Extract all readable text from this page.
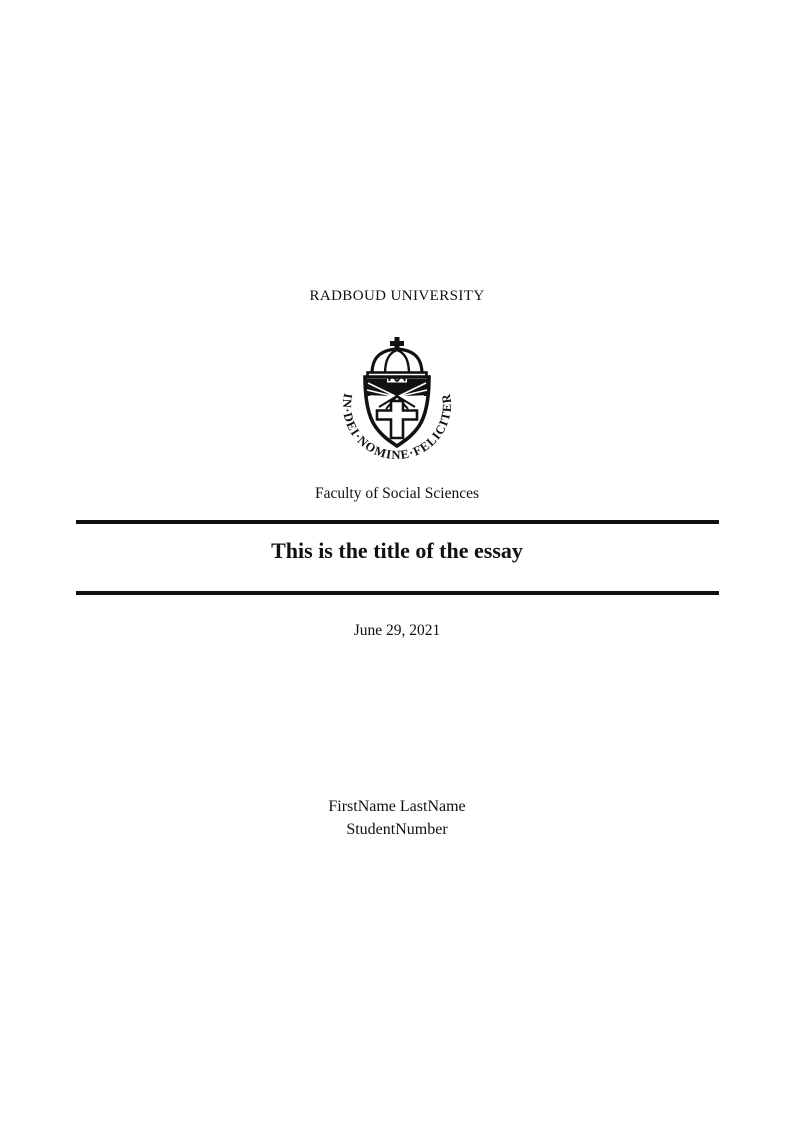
RADBOUD UNIVERSITY
IN·DEI·NOMINE·FELICITER
Faculty of Social Sciences
This is the title of the essay
June 29, 2021
FirstName LastName
StudentNumber
